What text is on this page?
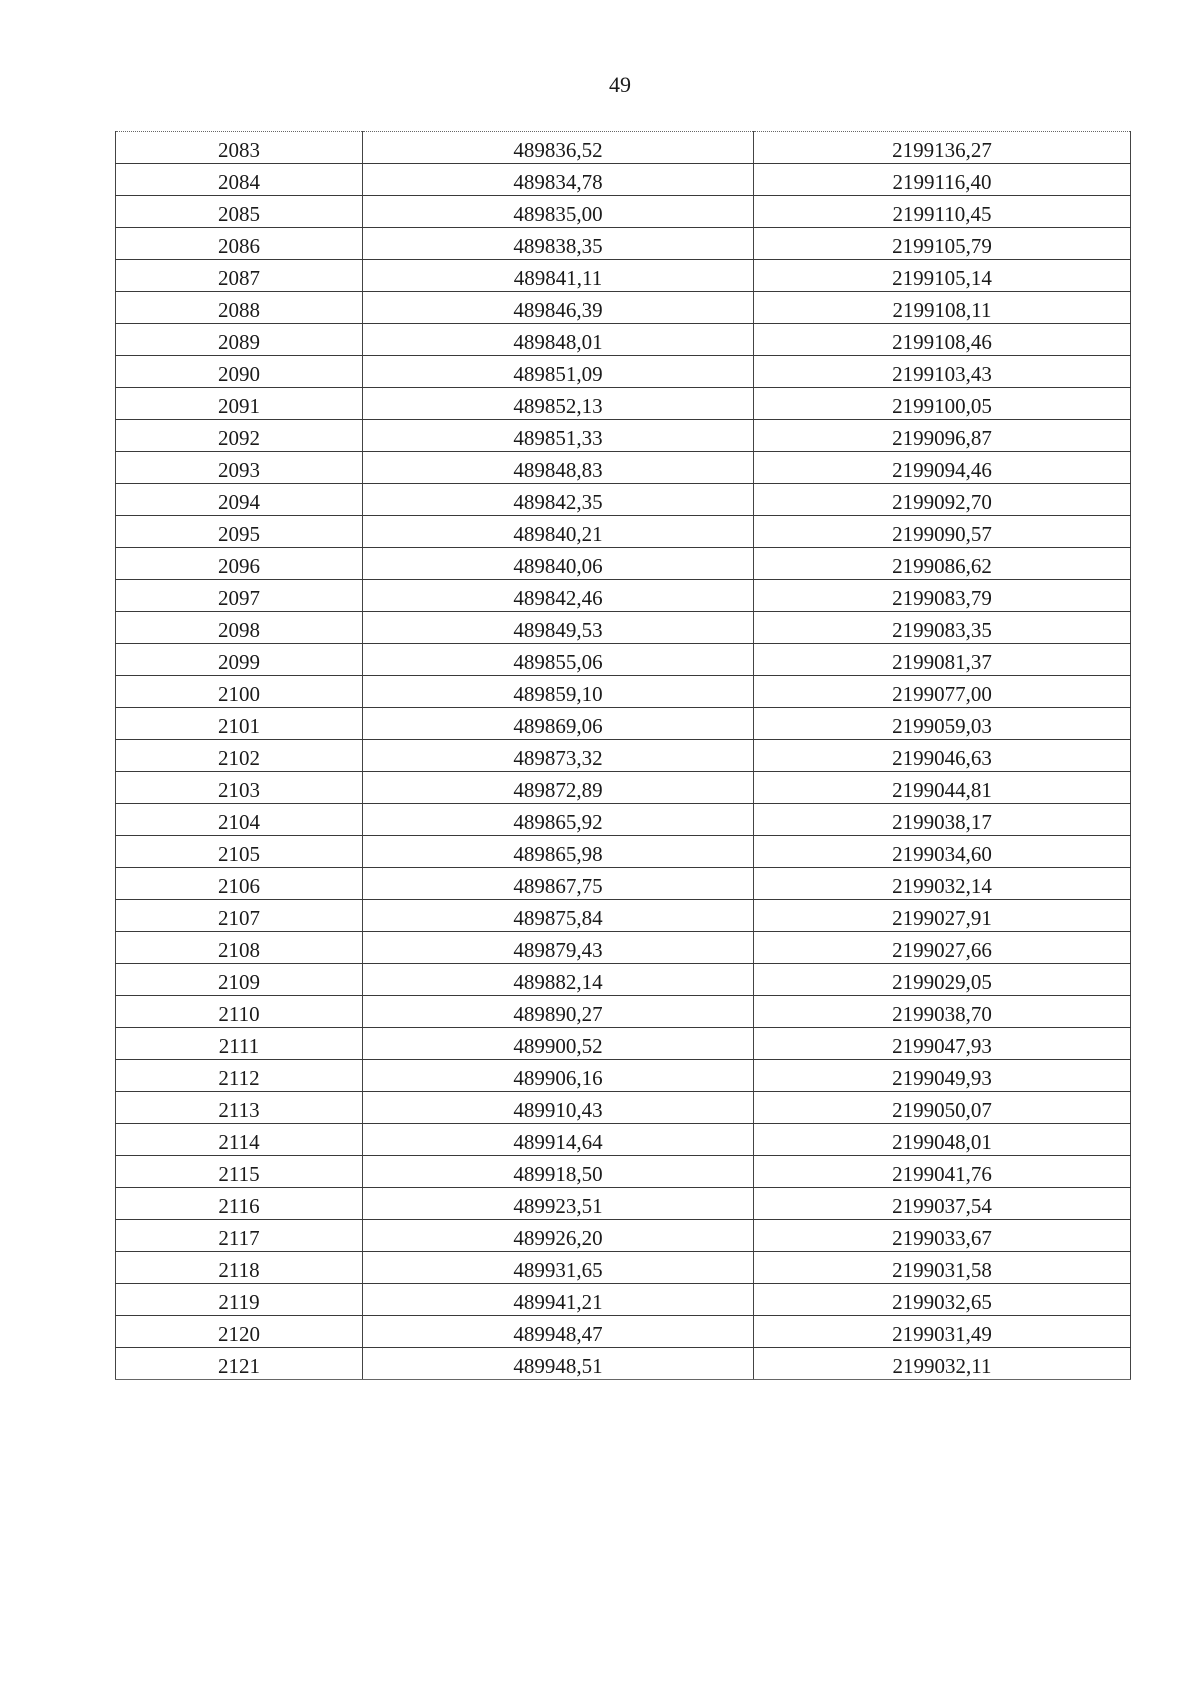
49
2083	489836,52	2199136,27
2084	489834,78	2199116,40
2085	489835,00	2199110,45
2086	489838,35	2199105,79
2087	489841,11	2199105,14
2088	489846,39	2199108,11
2089	489848,01	2199108,46
2090	489851,09	2199103,43
2091	489852,13	2199100,05
2092	489851,33	2199096,87
2093	489848,83	2199094,46
2094	489842,35	2199092,70
2095	489840,21	2199090,57
2096	489840,06	2199086,62
2097	489842,46	2199083,79
2098	489849,53	2199083,35
2099	489855,06	2199081,37
2100	489859,10	2199077,00
2101	489869,06	2199059,03
2102	489873,32	2199046,63
2103	489872,89	2199044,81
2104	489865,92	2199038,17
2105	489865,98	2199034,60
2106	489867,75	2199032,14
2107	489875,84	2199027,91
2108	489879,43	2199027,66
2109	489882,14	2199029,05
2110	489890,27	2199038,70
2111	489900,52	2199047,93
2112	489906,16	2199049,93
2113	489910,43	2199050,07
2114	489914,64	2199048,01
2115	489918,50	2199041,76
2116	489923,51	2199037,54
2117	489926,20	2199033,67
2118	489931,65	2199031,58
2119	489941,21	2199032,65
2120	489948,47	2199031,49
2121	489948,51	2199032,11
